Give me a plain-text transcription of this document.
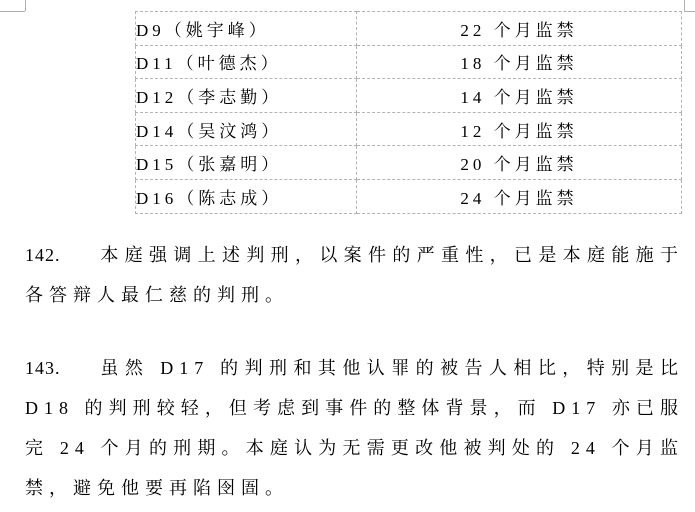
D9（姚宇峰）	22 个月监禁
D11（叶德杰）	18 个月监禁
D12（李志勤）	14 个月监禁
D14（吴汶鸿）	12 个月监禁
D15（张嘉明）	20 个月监禁
D16（陈志成）	24 个月监禁

142. 本庭强调上述判刑，以案件的严重性，已是本庭能施于各答辩人最仁慈的判刑。

143. 虽然 D17 的判刑和其他认罪的被告人相比，特别是比 D18 的判刑较轻，但考虑到事件的整体背景，而 D17 亦已服完 24 个月的刑期。本庭认为无需更改他被判处的 24 个月监禁，避免他要再陷囹圄。
